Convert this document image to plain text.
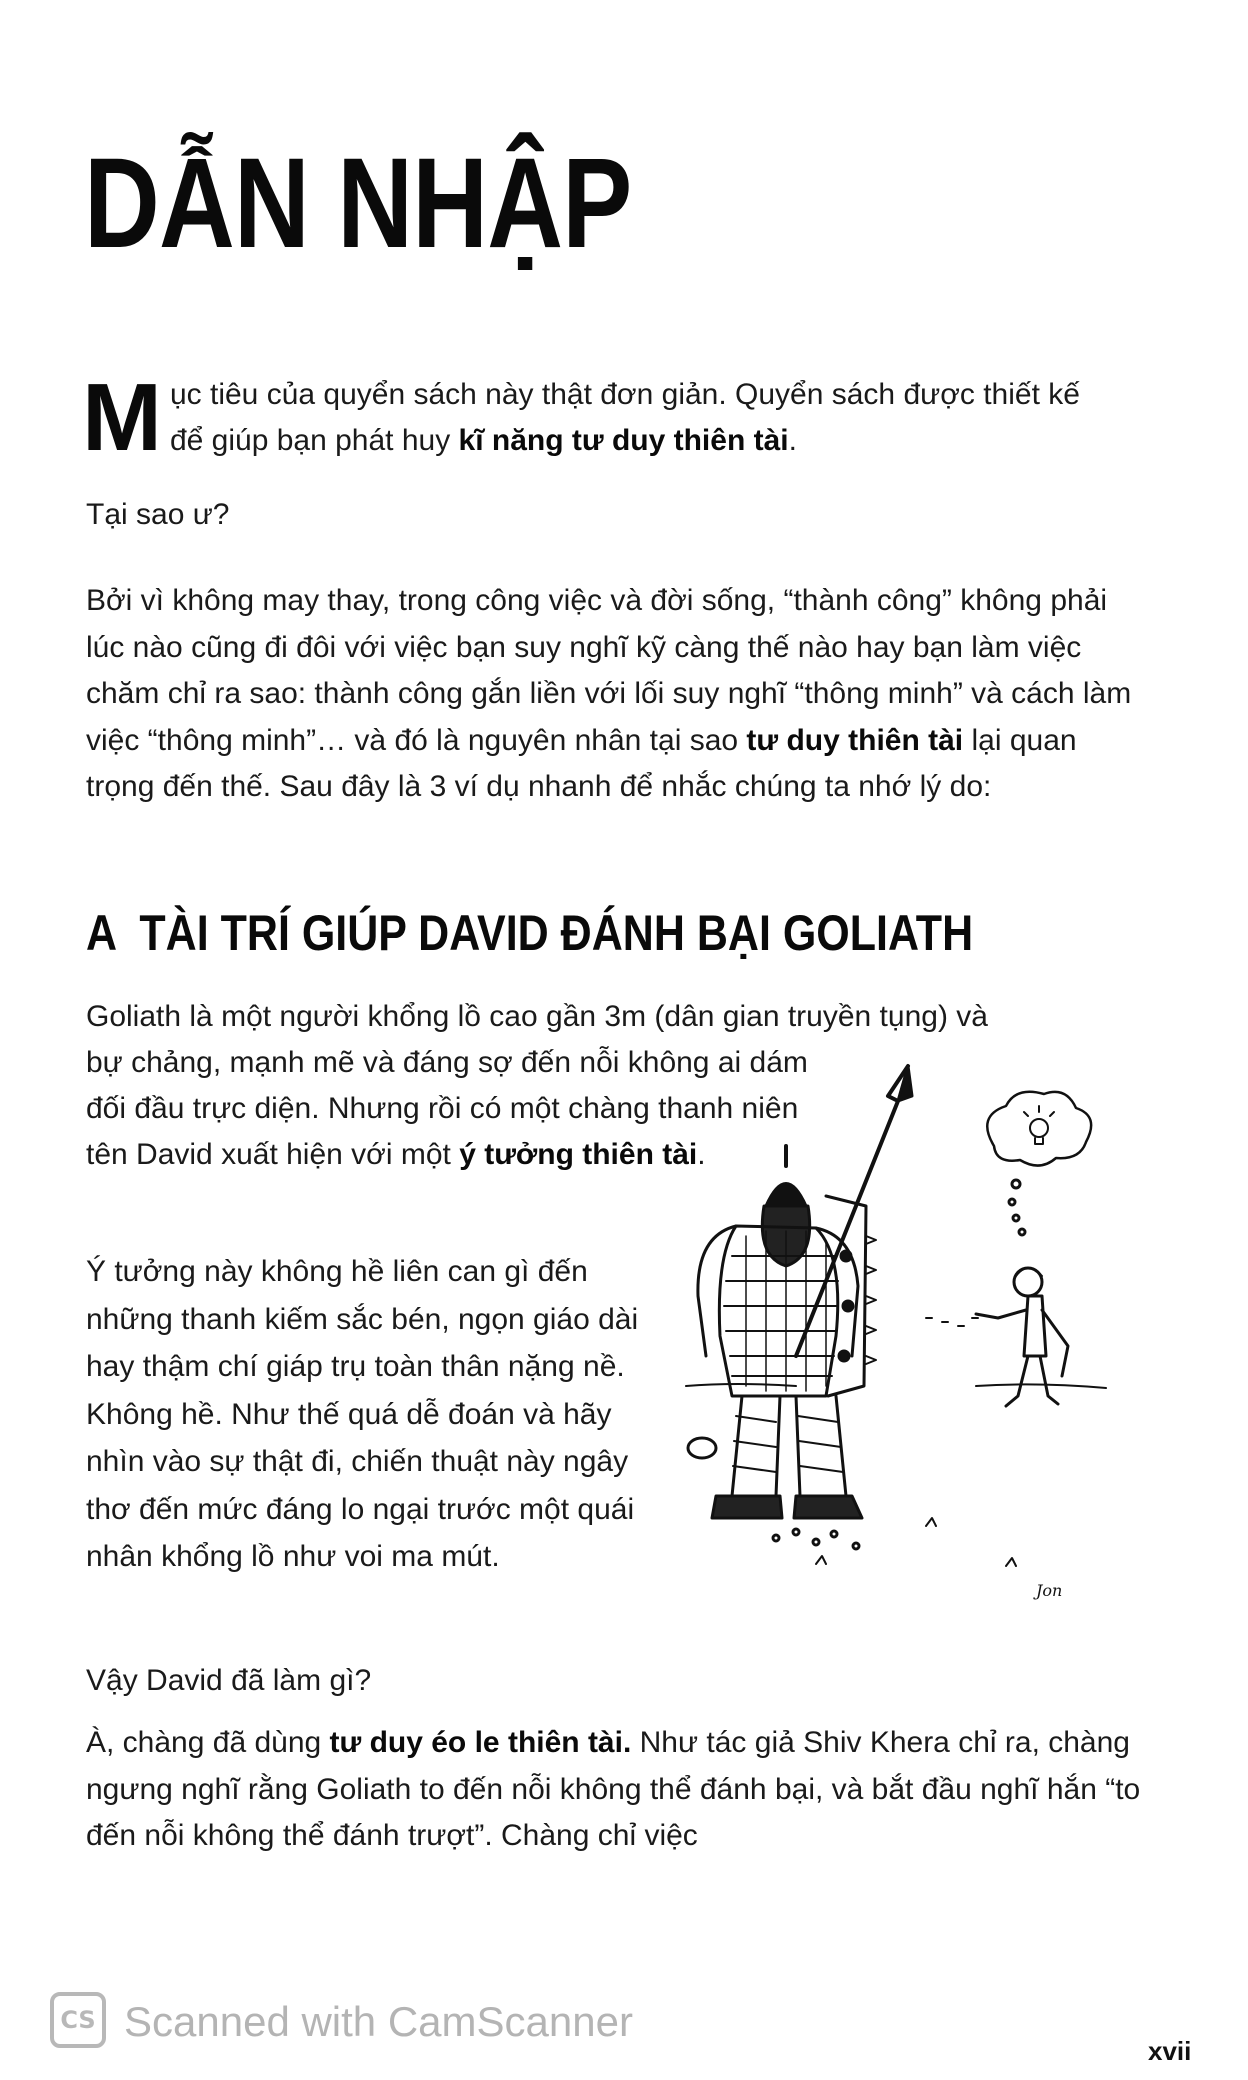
DẪN NHẬP

Mục tiêu của quyển sách này thật đơn giản. Quyển sách được thiết kế để giúp bạn phát huy kĩ năng tư duy thiên tài.

Tại sao ư?

Bởi vì không may thay, trong công việc và đời sống, “thành công” không phải lúc nào cũng đi đôi với việc bạn suy nghĩ kỹ càng thế nào hay bạn làm việc chăm chỉ ra sao: thành công gắn liền với lối suy nghĩ “thông minh” và cách làm việc “thông minh”… và đó là nguyên nhân tại sao tư duy thiên tài lại quan trọng đến thế. Sau đây là 3 ví dụ nhanh để nhắc chúng ta nhớ lý do:

A TÀI TRÍ GIÚP DAVID ĐÁNH BẠI GOLIATH

Goliath là một người khổng lồ cao gần 3m (dân gian truyền tụng) và

bự chảng, mạnh mẽ và đáng sợ đến nỗi không ai dám đối đầu trực diện. Nhưng rồi có một chàng thanh niên tên David xuất hiện với một ý tưởng thiên tài.

Ý tưởng này không hề liên can gì đến những thanh kiếm sắc bén, ngọn giáo dài hay thậm chí giáp trụ toàn thân nặng nề. Không hề. Như thế quá dễ đoán và hãy nhìn vào sự thật đi, chiến thuật này ngây thơ đến mức đáng lo ngại trước một quái nhân khổng lồ như voi ma mút.

Vậy David đã làm gì?

À, chàng đã dùng tư duy éo le thiên tài. Như tác giả Shiv Khera chỉ ra, chàng ngưng nghĩ rằng Goliath to đến nỗi không thể đánh bại, và bắt đầu nghĩ hắn “to đến nỗi không thể đánh trượt”. Chàng chỉ việc

Jon
CS Scanned with CamScanner

xvii
